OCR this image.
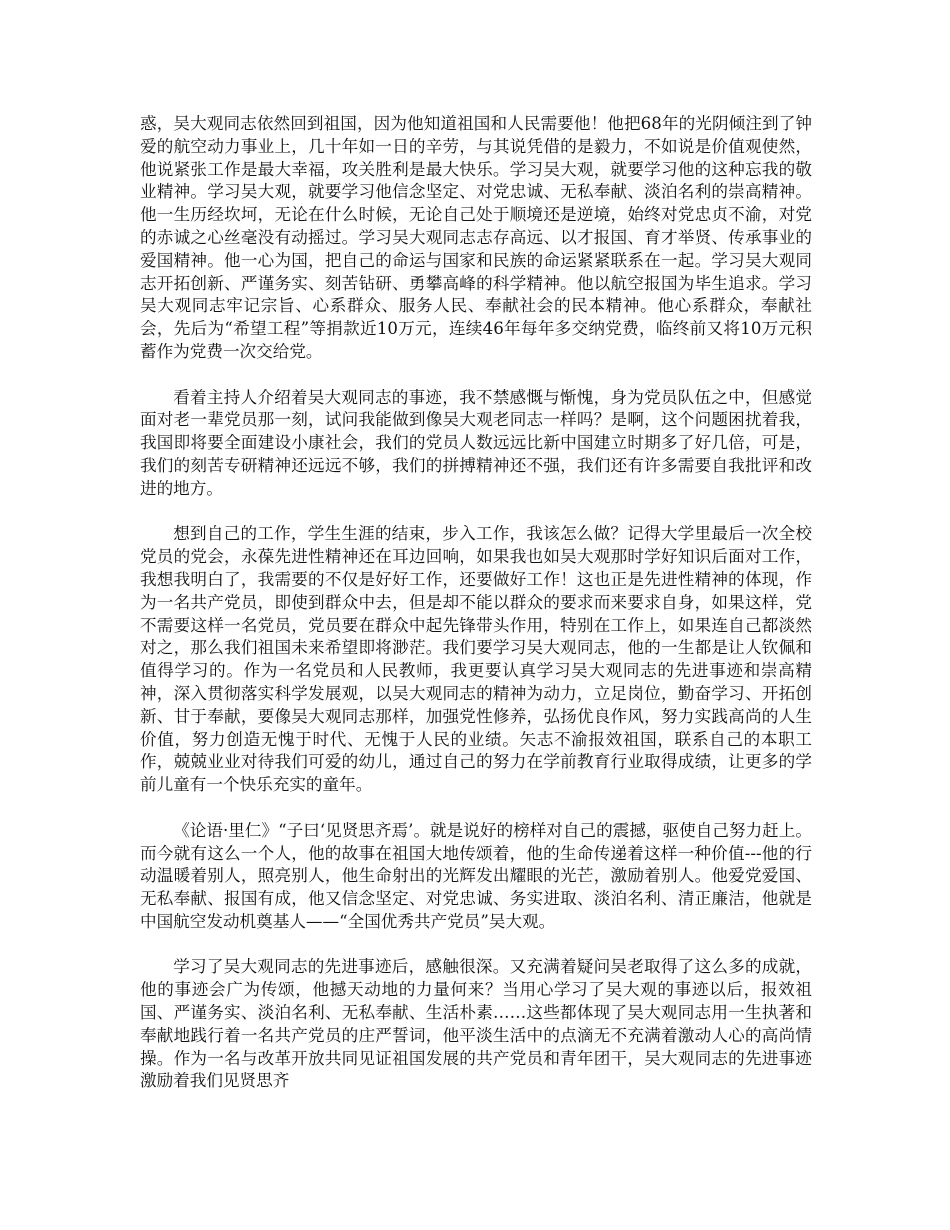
惑，吴大观同志依然回到祖国，因为他知道祖国和人民需要他！他把68年的光阴倾注到了钟爱的航空动力事业上，几十年如一日的辛劳，与其说凭借的是毅力，不如说是价值观使然，他说紧张工作是最大幸福，攻关胜利是最大快乐。学习吴大观，就要学习他的这种忘我的敬业精神。学习吴大观，就要学习他信念坚定、对党忠诚、无私奉献、淡泊名利的崇高精神。他一生历经坎坷，无论在什么时候，无论自己处于顺境还是逆境，始终对党忠贞不渝，对党的赤诚之心丝毫没有动摇过。学习吴大观同志志存高远、以才报国、育才举贤、传承事业的爱国精神。他一心为国，把自己的命运与国家和民族的命运紧紧联系在一起。学习吴大观同志开拓创新、严谨务实、刻苦钻研、勇攀高峰的科学精神。他以航空报国为毕生追求。学习吴大观同志牢记宗旨、心系群众、服务人民、奉献社会的民本精神。他心系群众，奉献社会，先后为“希望工程”等捐款近10万元，连续46年每年多交纳党费，临终前又将10万元积蓄作为党费一次交给党。

看着主持人介绍着吴大观同志的事迹，我不禁感慨与惭愧，身为党员队伍之中，但感觉面对老一辈党员那一刻，试问我能做到像吴大观老同志一样吗？是啊，这个问题困扰着我，我国即将要全面建设小康社会，我们的党员人数远远比新中国建立时期多了好几倍，可是，我们的刻苦专研精神还远远不够，我们的拼搏精神还不强，我们还有许多需要自我批评和改进的地方。

想到自己的工作，学生生涯的结束，步入工作，我该怎么做？记得大学里最后一次全校党员的党会，永葆先进性精神还在耳边回响，如果我也如吴大观那时学好知识后面对工作，我想我明白了，我需要的不仅是好好工作，还要做好工作！这也正是先进性精神的体现，作为一名共产党员，即使到群众中去，但是却不能以群众的要求而来要求自身，如果这样，党不需要这样一名党员，党员要在群众中起先锋带头作用，特别在工作上，如果连自己都淡然对之，那么我们祖国未来希望即将渺茫。我们要学习吴大观同志，他的一生都是让人钦佩和值得学习的。作为一名党员和人民教师，我更要认真学习吴大观同志的先进事迹和崇高精神，深入贯彻落实科学发展观，以吴大观同志的精神为动力，立足岗位，勤奋学习、开拓创新、甘于奉献，要像吴大观同志那样，加强党性修养，弘扬优良作风，努力实践高尚的人生价值，努力创造无愧于时代、无愧于人民的业绩。矢志不渝报效祖国，联系自己的本职工作，兢兢业业对待我们可爱的幼儿，通过自己的努力在学前教育行业取得成绩，让更多的学前儿童有一个快乐充实的童年。

《论语·里仁》“子曰‘见贤思齐焉’。就是说好的榜样对自己的震撼，驱使自己努力赶上。而今就有这么一个人，他的故事在祖国大地传颂着，他的生命传递着这样一种价值---他的行动温暖着别人，照亮别人，他生命射出的光辉发出耀眼的光芒，激励着别人。他爱党爱国、无私奉献、报国有成，他又信念坚定、对党忠诚、务实进取、淡泊名利、清正廉洁，他就是中国航空发动机奠基人——“全国优秀共产党员”吴大观。

学习了吴大观同志的先进事迹后，感触很深。又充满着疑问吴老取得了这么多的成就，他的事迹会广为传颂，他撼天动地的力量何来？当用心学习了吴大观的事迹以后，报效祖国、严谨务实、淡泊名利、无私奉献、生活朴素……这些都体现了吴大观同志用一生执著和奉献地践行着一名共产党员的庄严誓词，他平淡生活中的点滴无不充满着激动人心的高尚情操。作为一名与改革开放共同见证祖国发展的共产党员和青年团干，吴大观同志的先进事迹激励着我们见贤思齐
